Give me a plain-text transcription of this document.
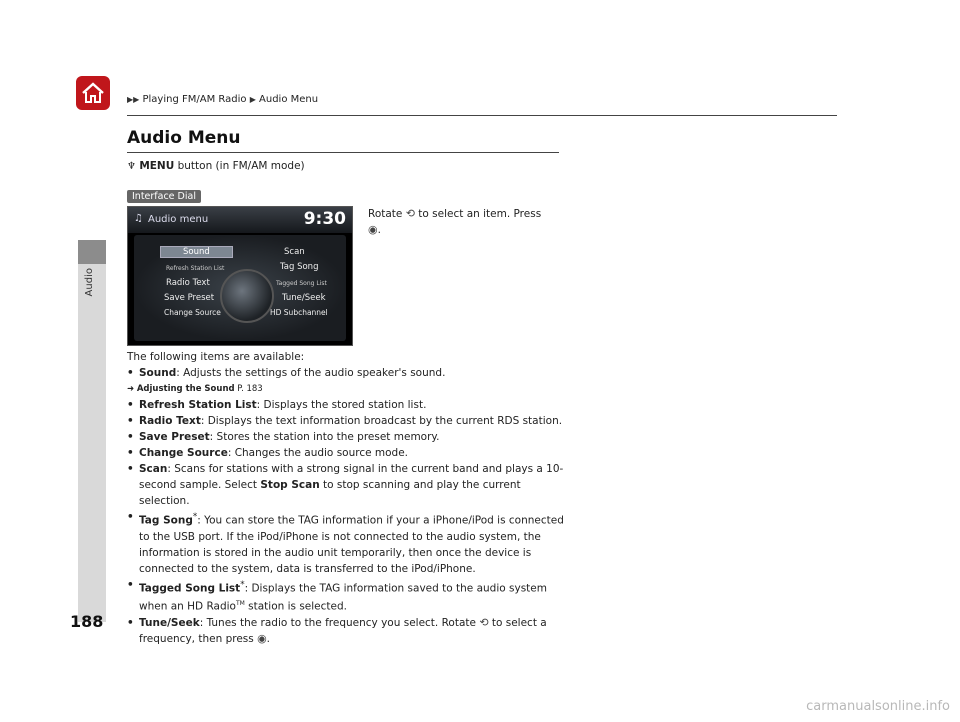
Audio
▶▶ Playing FM/AM Radio ▶ Audio Menu
Audio Menu
♆ MENU button (in FM/AM mode)
Interface Dial
♫ Audio menu	9:30
Sound	Scan
Refresh Station List	Tag Song
Radio Text	Tagged Song List
Save Preset	Tune/Seek
Change Source	HD Subchannel
Rotate ⟲ to select an item. Press
◉.

The following items are available:

• Sound: Adjusts the settings of the audio speaker's sound.

➜ Adjusting the Sound P. 183

• Refresh Station List: Displays the stored station list.

• Radio Text: Displays the text information broadcast by the current RDS station.

• Save Preset: Stores the station into the preset memory.

• Change Source: Changes the audio source mode.

• Scan: Scans for stations with a strong signal in the current band and plays a 10-second sample. Select Stop Scan to stop scanning and play the current selection.

• Tag Song*: You can store the TAG information if your a iPhone/iPod is connected to the USB port. If the iPod/iPhone is not connected to the audio system, the information is stored in the audio unit temporarily, then once the device is connected to the system, data is transferred to the iPod/iPhone.

• Tagged Song List*: Displays the TAG information saved to the audio system when an HD Radio™ station is selected.

• Tune/Seek: Tunes the radio to the frequency you select. Rotate ⟲ to select a frequency, then press ◉.

188
carmanualsonline.info
